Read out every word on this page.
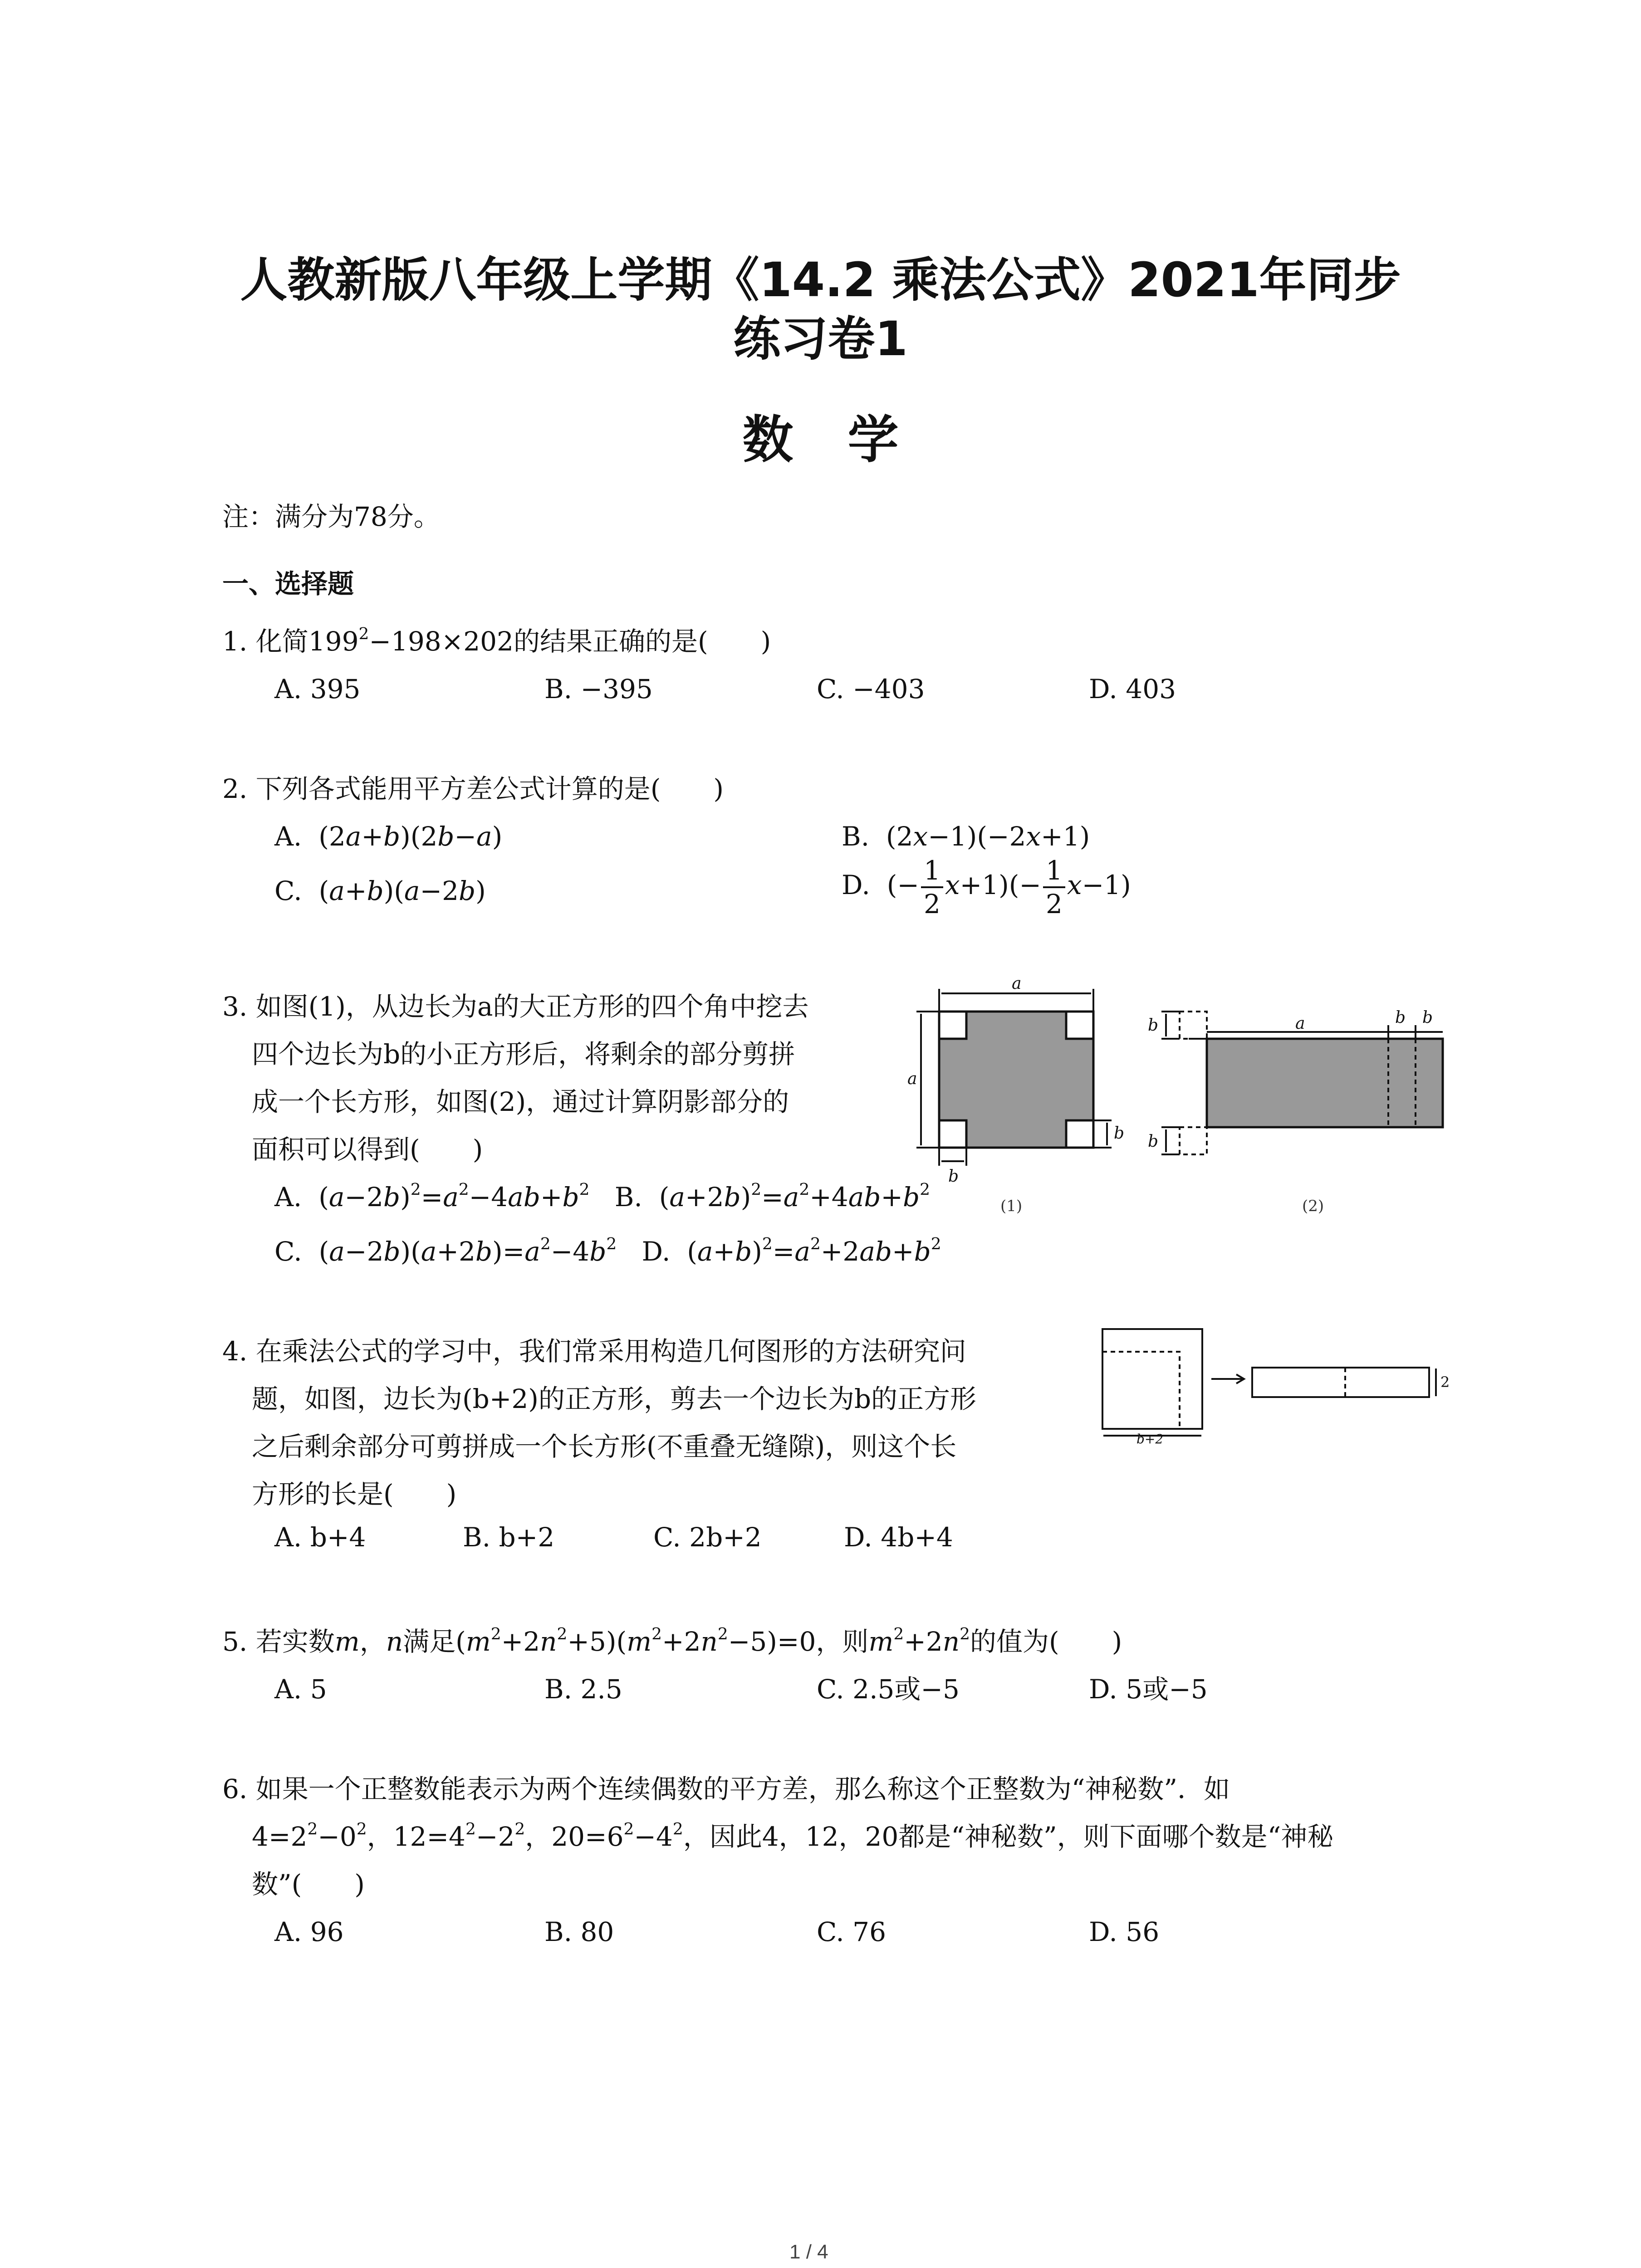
人教新版八年级上学期《14.2 乘法公式》2021年同步
练习卷1
数学
注：满分为78分。
一、选择题
1. 化简$199^2-198\times 202$的结果正确的是(　　)
A. 395	B. −395	C. −403	D. 403
2. 下列各式能用平方差公式计算的是(　　)
A.  (2a+b)(2b−a)	B.  (2x−1)(−2x+1)
C.  (a+b)(a−2b)	D.  (− $\frac{1}{2} x+1)(- \frac{1}{2} x-1)$
3. 如图(1)，从边长为a的大正方形的四个角中挖去
四个边长为b的小正方形后，将剩余的部分剪拼
成一个长方形，如图(2)，通过计算阴影部分的
面积可以得到(　　)
A.  $(a-2b)^2=a^2-4ab+b^2$   B.  $(a+2b)^2=a^2+4ab+b^2$
C.  $(a-2b)(a+2b)=a^2-4b^2$   D.  $(a+b)^2=a^2+2ab+b^2$
a
a
b
b
(1)
a	b b
b
b
(2)
4. 在乘法公式的学习中，我们常采用构造几何图形的方法研究问
题，如图，边长为(b+2)的正方形，剪去一个边长为b的正方形
之后剩余部分可剪拼成一个长方形(不重叠无缝隙)，则这个长
方形的长是(　　)
A. b+4	B. b+2	C. 2b+2	D. 4b+4
b+2
2
5. 若实数m，n满足$(m^2+2n^2+5)(m^2+2n^2-5)=0$，则$m^2+2n^2$的值为(　　)
A. 5	B. 2.5	C. 2.5或−5	D. 5或−5
6. 如果一个正整数能表示为两个连续偶数的平方差，那么称这个正整数为“神秘数”．如
$4=2^2-0^2$，$12=4^2-2^2$，$20=6^2-4^2$，因此4，12，20都是“神秘数”，则下面哪个数是“神秘
数”(　　)
A. 96	B. 80	C. 76	D. 56
1 / 4
